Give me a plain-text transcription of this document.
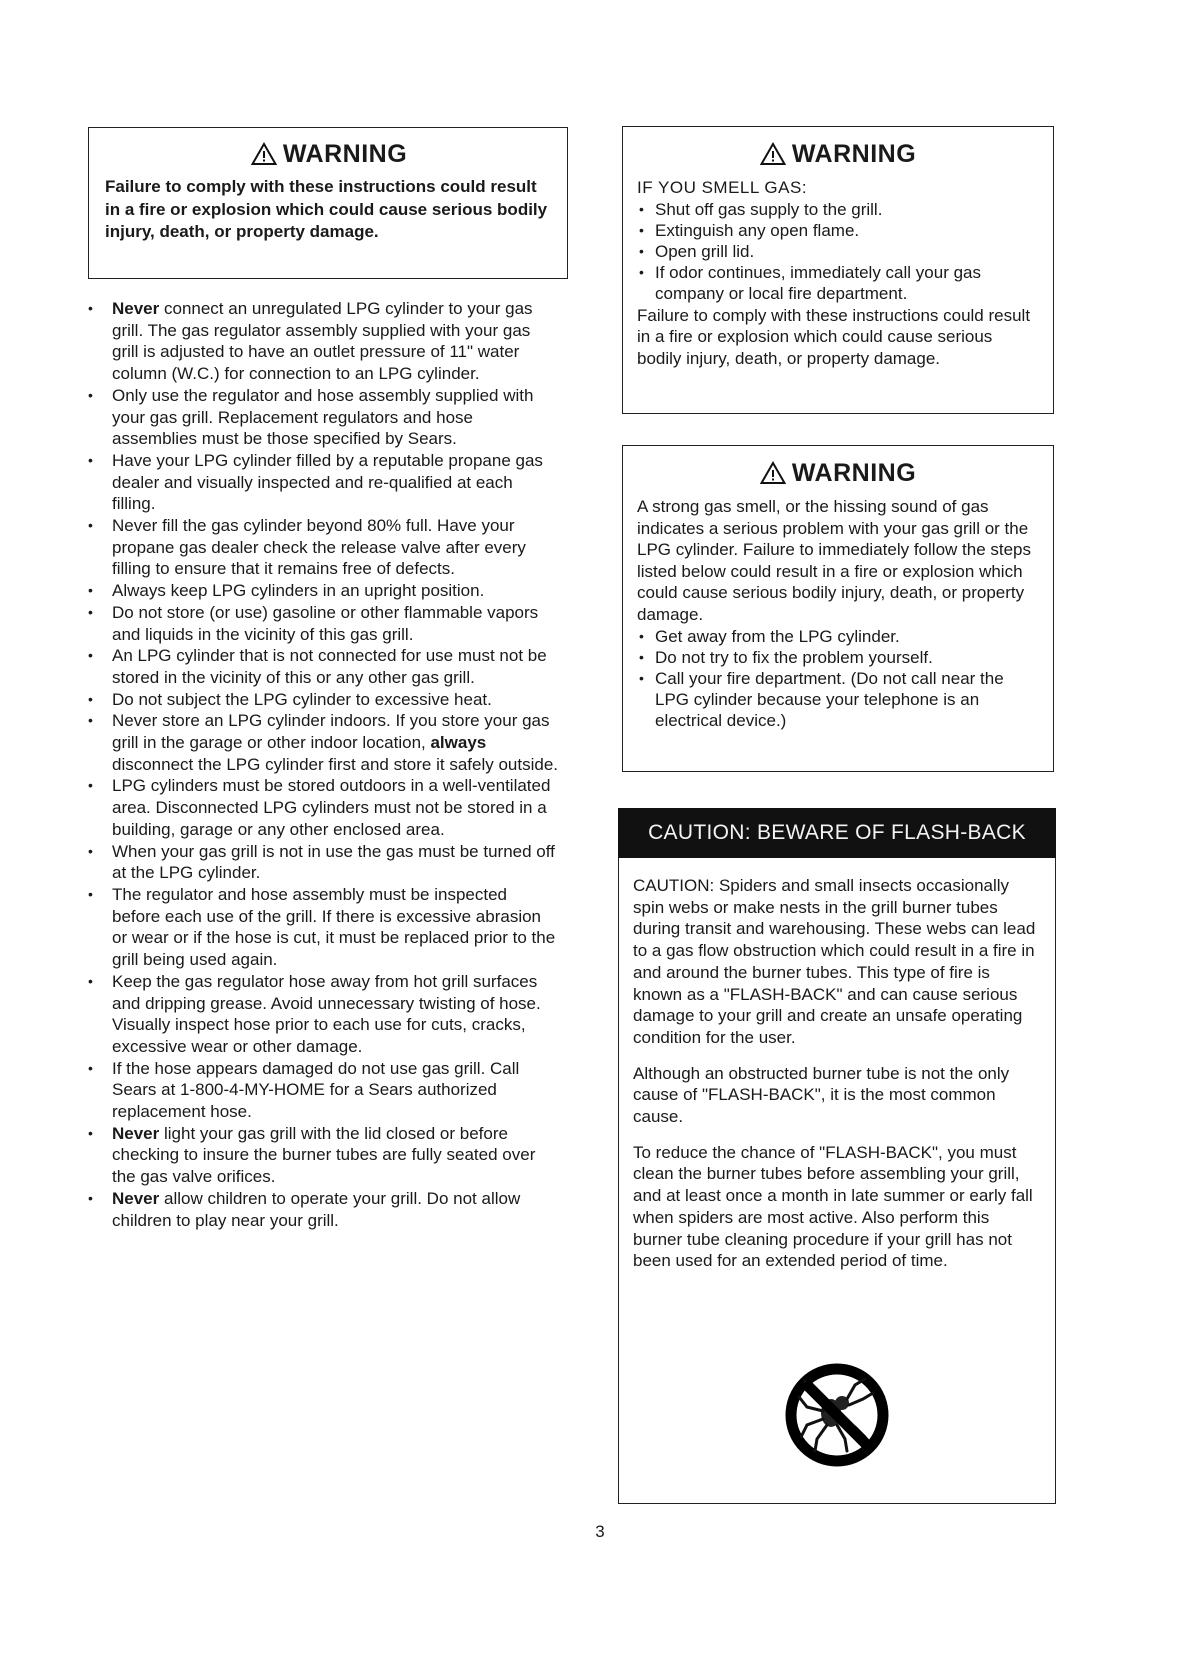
WARNING

Failure to comply with these instructions could result in a fire or explosion which could cause serious bodily injury, death, or property damage.

• Never connect an unregulated LPG cylinder to your gas grill. The gas regulator assembly supplied with your gas grill is adjusted to have an outlet pressure of 11" water column (W.C.) for connection to an LPG cylinder.
• Only use the regulator and hose assembly supplied with your gas grill. Replacement regulators and hose assemblies must be those specified by Sears.
• Have your LPG cylinder filled by a reputable propane gas dealer and visually inspected and re-qualified at each filling.
• Never fill the gas cylinder beyond 80% full. Have your propane gas dealer check the release valve after every filling to ensure that it remains free of defects.
• Always keep LPG cylinders in an upright position.
• Do not store (or use) gasoline or other flammable vapors and liquids in the vicinity of this gas grill.
• An LPG cylinder that is not connected for use must not be stored in the vicinity of this or any other gas grill.
• Do not subject the LPG cylinder to excessive heat.
• Never store an LPG cylinder indoors. If you store your gas grill in the garage or other indoor location, always disconnect the LPG cylinder first and store it safely outside.
• LPG cylinders must be stored outdoors in a well-ventilated area. Disconnected LPG cylinders must not be stored in a building, garage or any other enclosed area.
• When your gas grill is not in use the gas must be turned off at the LPG cylinder.
• The regulator and hose assembly must be inspected before each use of the grill. If there is excessive abrasion or wear or if the hose is cut, it must be replaced prior to the grill being used again.
• Keep the gas regulator hose away from hot grill surfaces and dripping grease. Avoid unnecessary twisting of hose. Visually inspect hose prior to each use for cuts, cracks, excessive wear or other damage.
• If the hose appears damaged do not use gas grill. Call Sears at 1-800-4-MY-HOME for a Sears authorized replacement hose.
• Never light your gas grill with the lid closed or before checking to insure the burner tubes are fully seated over the gas valve orifices.
• Never allow children to operate your grill. Do not allow children to play near your grill.
WARNING
IF YOU SMELL GAS:
• Shut off gas supply to the grill.
• Extinguish any open flame.
• Open grill lid.
• If odor continues, immediately call your gas company or local fire department.

Failure to comply with these instructions could result in a fire or explosion which could cause serious bodily injury, death, or property damage.

WARNING

A strong gas smell, or the hissing sound of gas indicates a serious problem with your gas grill or the LPG cylinder. Failure to immediately follow the steps listed below could result in a fire or explosion which could cause serious bodily injury, death, or property damage.

• Get away from the LPG cylinder.
• Do not try to fix the problem yourself.
• Call your fire department. (Do not call near the LPG cylinder because your telephone is an electrical device.)

CAUTION: Spiders and small insects occasionally spin webs or make nests in the grill burner tubes during transit and warehousing. These webs can lead to a gas flow obstruction which could result in a fire in and around the burner tubes. This type of fire is known as a "FLASH-BACK" and can cause serious damage to your grill and create an unsafe operating condition for the user.

Although an obstructed burner tube is not the only cause of "FLASH-BACK", it is the most common cause.

To reduce the chance of "FLASH-BACK", you must clean the burner tubes before assembling your grill, and at least once a month in late summer or early fall when spiders are most active. Also perform this burner tube cleaning procedure if your grill has not been used for an extended period of time.

CAUTION: BEWARE OF FLASH-BACK
3
